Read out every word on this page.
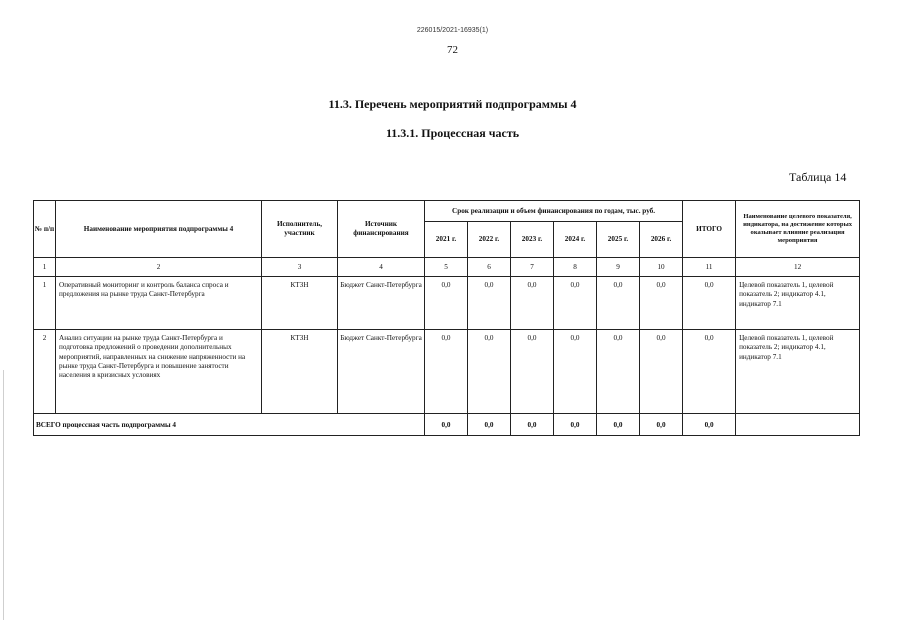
226015/2021-16935(1)
72
11.3. Перечень мероприятий подпрограммы 4
11.3.1. Процессная часть
Таблица 14
№ п/п	Наименование мероприятия подпрограммы 4	Исполнитель, участник	Источник финансирования	Срок реализации и объем финансирования по годам, тыс. руб.						ИТОГО	Наименование целевого показателя, индикатора, на достижение которых оказывает влияние реализация мероприятия
				2021 г.	2022 г.	2023 г.	2024 г.	2025 г.	2026 г.		
1	2	3	4	5	6	7	8	9	10	11	12
1	Оперативный мониторинг и контроль баланса спроса и предложения на рынке труда Санкт-Петербурга	КТЗН	Бюджет Санкт-Петербурга	0,0	0,0	0,0	0,0	0,0	0,0	0,0	Целевой показатель 1, целевой показатель 2; индикатор 4.1, индикатор 7.1
2	Анализ ситуации на рынке труда Санкт-Петербурга и подготовка предложений о проведении дополнительных мероприятий, направленных на снижение напряженности на рынке труда Санкт-Петербурга и повышение занятости населения в кризисных условиях	КТЗН	Бюджет Санкт-Петербурга	0,0	0,0	0,0	0,0	0,0	0,0	0,0	Целевой показатель 1, целевой показатель 2; индикатор 4.1, индикатор 7.1
ВСЕГО процессная часть подпрограммы 4				0,0	0,0	0,0	0,0	0,0	0,0	0,0	
